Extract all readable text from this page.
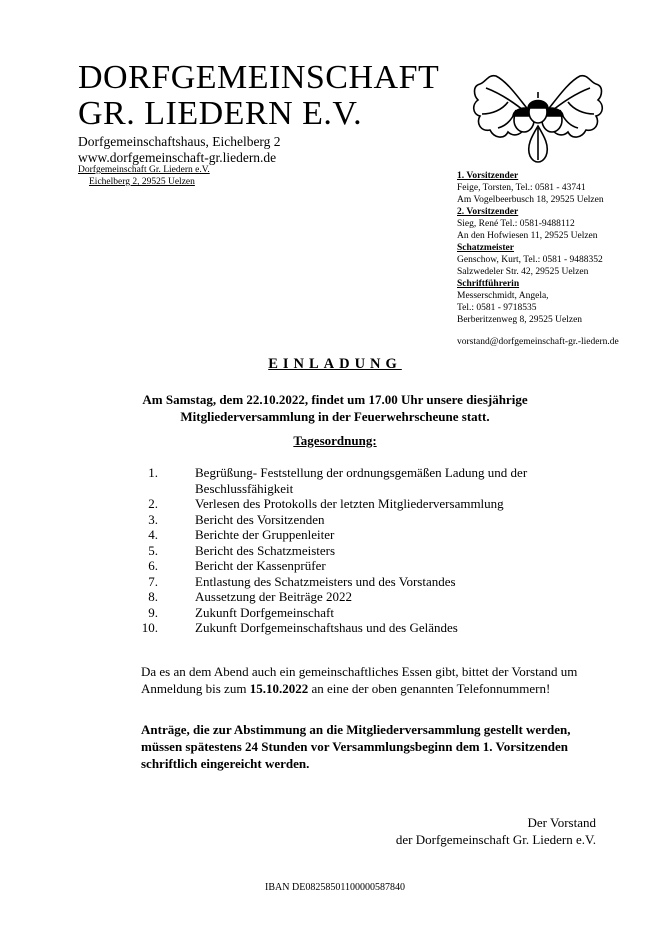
DORFGEMEINSCHAFT
GR. LIEDERN E.V.
Dorfgemeinschaftshaus, Eichelberg 2
www.dorfgemeinschaft-gr.liedern.de
Dorfgemeinschaft Gr. Liedern e.V.
Eichelberg 2, 29525 Uelzen
1. Vorsitzender
Feige, Torsten, Tel.: 0581 - 43741
Am Vogelbeerbusch 18, 29525 Uelzen
2. Vorsitzender
Sieg, René Tel.: 0581-9488112
An den Hofwiesen 11, 29525 Uelzen
Schatzmeister
Genschow, Kurt, Tel.: 0581 - 9488352
Salzwedeler Str. 42, 29525 Uelzen
Schriftführerin
Messerschmidt, Angela,
Tel.: 0581 - 9718535
Berberitzenweg 8, 29525 Uelzen
vorstand@dorfgemeinschaft-gr.-liedern.de
EINLADUNG
Am Samstag, dem 22.10.2022, findet um 17.00 Uhr unsere diesjährige
Mitgliederversammlung in der Feuerwehrscheune statt.
Tagesordnung:
1.	Begrüßung- Feststellung der ordnungsgemäßen Ladung und der Beschlussfähigkeit
2.	Verlesen des Protokolls der letzten Mitgliederversammlung
3.	Bericht des Vorsitzenden
4.	Berichte der Gruppenleiter
5.	Bericht des Schatzmeisters
6.	Bericht der Kassenprüfer
7.	Entlastung des Schatzmeisters und des Vorstandes
8.	Aussetzung der Beiträge 2022
9.	Zukunft Dorfgemeinschaft
10.	Zukunft Dorfgemeinschaftshaus und des Geländes
Da es an dem Abend auch ein gemeinschaftliches Essen gibt, bittet der Vorstand um Anmeldung bis zum 15.10.2022 an eine der oben genannten Telefonnummern!
Anträge, die zur Abstimmung an die Mitgliederversammlung gestellt werden, müssen spätestens 24 Stunden vor Versammlungsbeginn dem 1. Vorsitzenden schriftlich eingereicht werden.
Der Vorstand
der Dorfgemeinschaft Gr. Liedern e.V.
IBAN DE08258501100000587840
